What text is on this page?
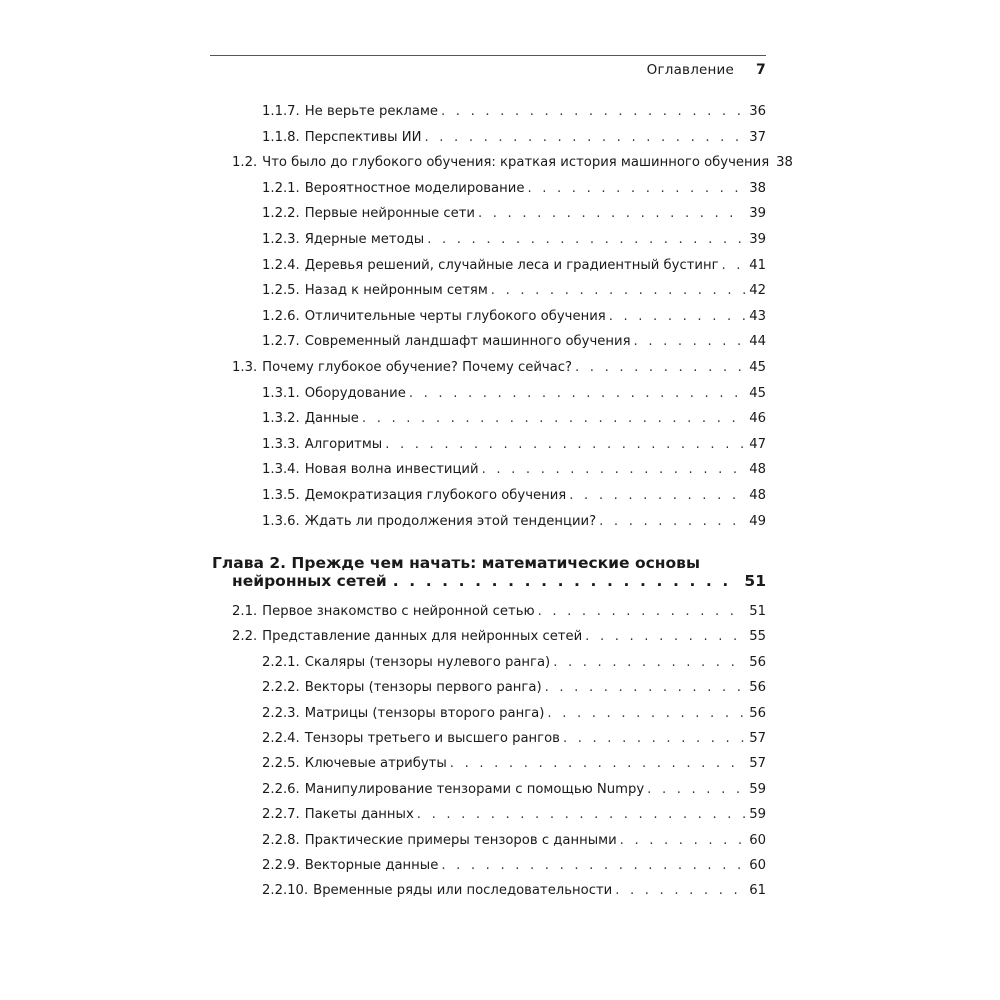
Оглавление 7
Глава 2. Прежде чем начать: математические основы
нейронных сетей . . .	51
1.1.7. Не верьте рекламе . . .	36
1.1.8. Перспективы ИИ . . .	37
1.2. Что было до глубокого обучения: краткая история машинного обучения 38
1.2.1. Вероятностное моделирование . . .	38
1.2.2. Первые нейронные сети . . .	39
1.2.3. Ядерные методы . . .	39
1.2.4. Деревья решений, случайные леса и градиентный бустинг . . . 41
1.2.5. Назад к нейронным сетям . . .	42
1.2.6. Отличительные черты глубокого обучения . . .	43
1.2.7. Современный ландшафт машинного обучения . . .	44
1.3. Почему глубокое обучение? Почему сейчас? . . .	45
1.3.1. Оборудование . . .	45
1.3.2. Данные . . .	46
1.3.3. Алгоритмы . . .	47
1.3.4. Новая волна инвестиций . . .	48
1.3.5. Демократизация глубокого обучения . . .	48
1.3.6. Ждать ли продолжения этой тенденции? . . .	49
2.1. Первое знакомство с нейронной сетью . . .	51
2.2. Представление данных для нейронных сетей . . .	55
2.2.1. Скаляры (тензоры нулевого ранга) . . .	56
2.2.2. Векторы (тензоры первого ранга) . . .	56
2.2.3. Матрицы (тензоры второго ранга) . . .	56
2.2.4. Тензоры третьего и высшего рангов . . .	57
2.2.5. Ключевые атрибуты . . .	57
2.2.6. Манипулирование тензорами с помощью Numpy . . .	59
2.2.7. Пакеты данных . . .	59
2.2.8. Практические примеры тензоров с данными . . .	60
2.2.9. Векторные данные . . .	60
2.2.10. Временные ряды или последовательности . . .	61
